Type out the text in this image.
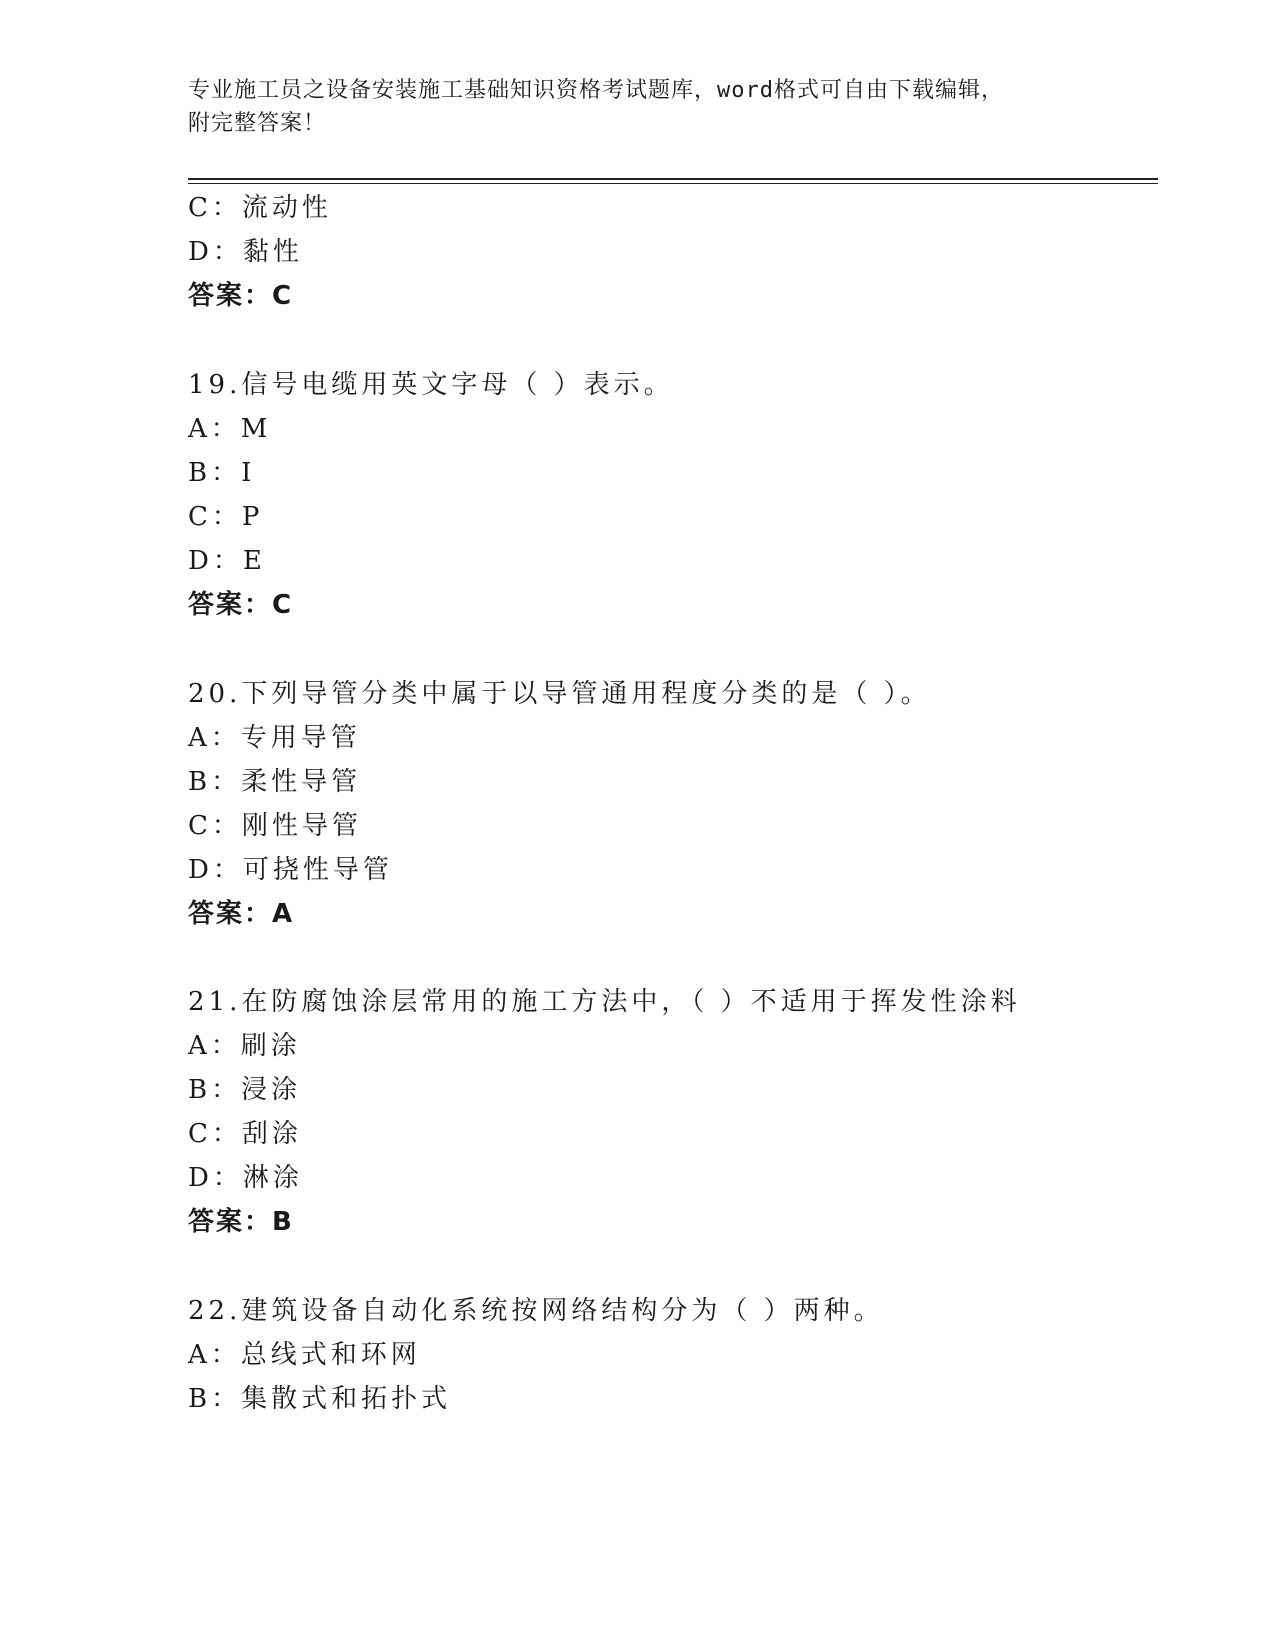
专业施工员之设备安装施工基础知识资格考试题库，word格式可自由下载编辑，
附完整答案！
C：流动性
D：黏性
答案：C
19.信号电缆用英文字母（ ）表示。
A：M
B：I
C：P
D：E
答案：C
20.下列导管分类中属于以导管通用程度分类的是（ ）。
A：专用导管
B：柔性导管
C：刚性导管
D：可挠性导管
答案：A
21.在防腐蚀涂层常用的施工方法中，（ ）不适用于挥发性涂料
A：刷涂
B：浸涂
C：刮涂
D：淋涂
答案：B
22.建筑设备自动化系统按网络结构分为（ ）两种。
A：总线式和环网
B：集散式和拓扑式
